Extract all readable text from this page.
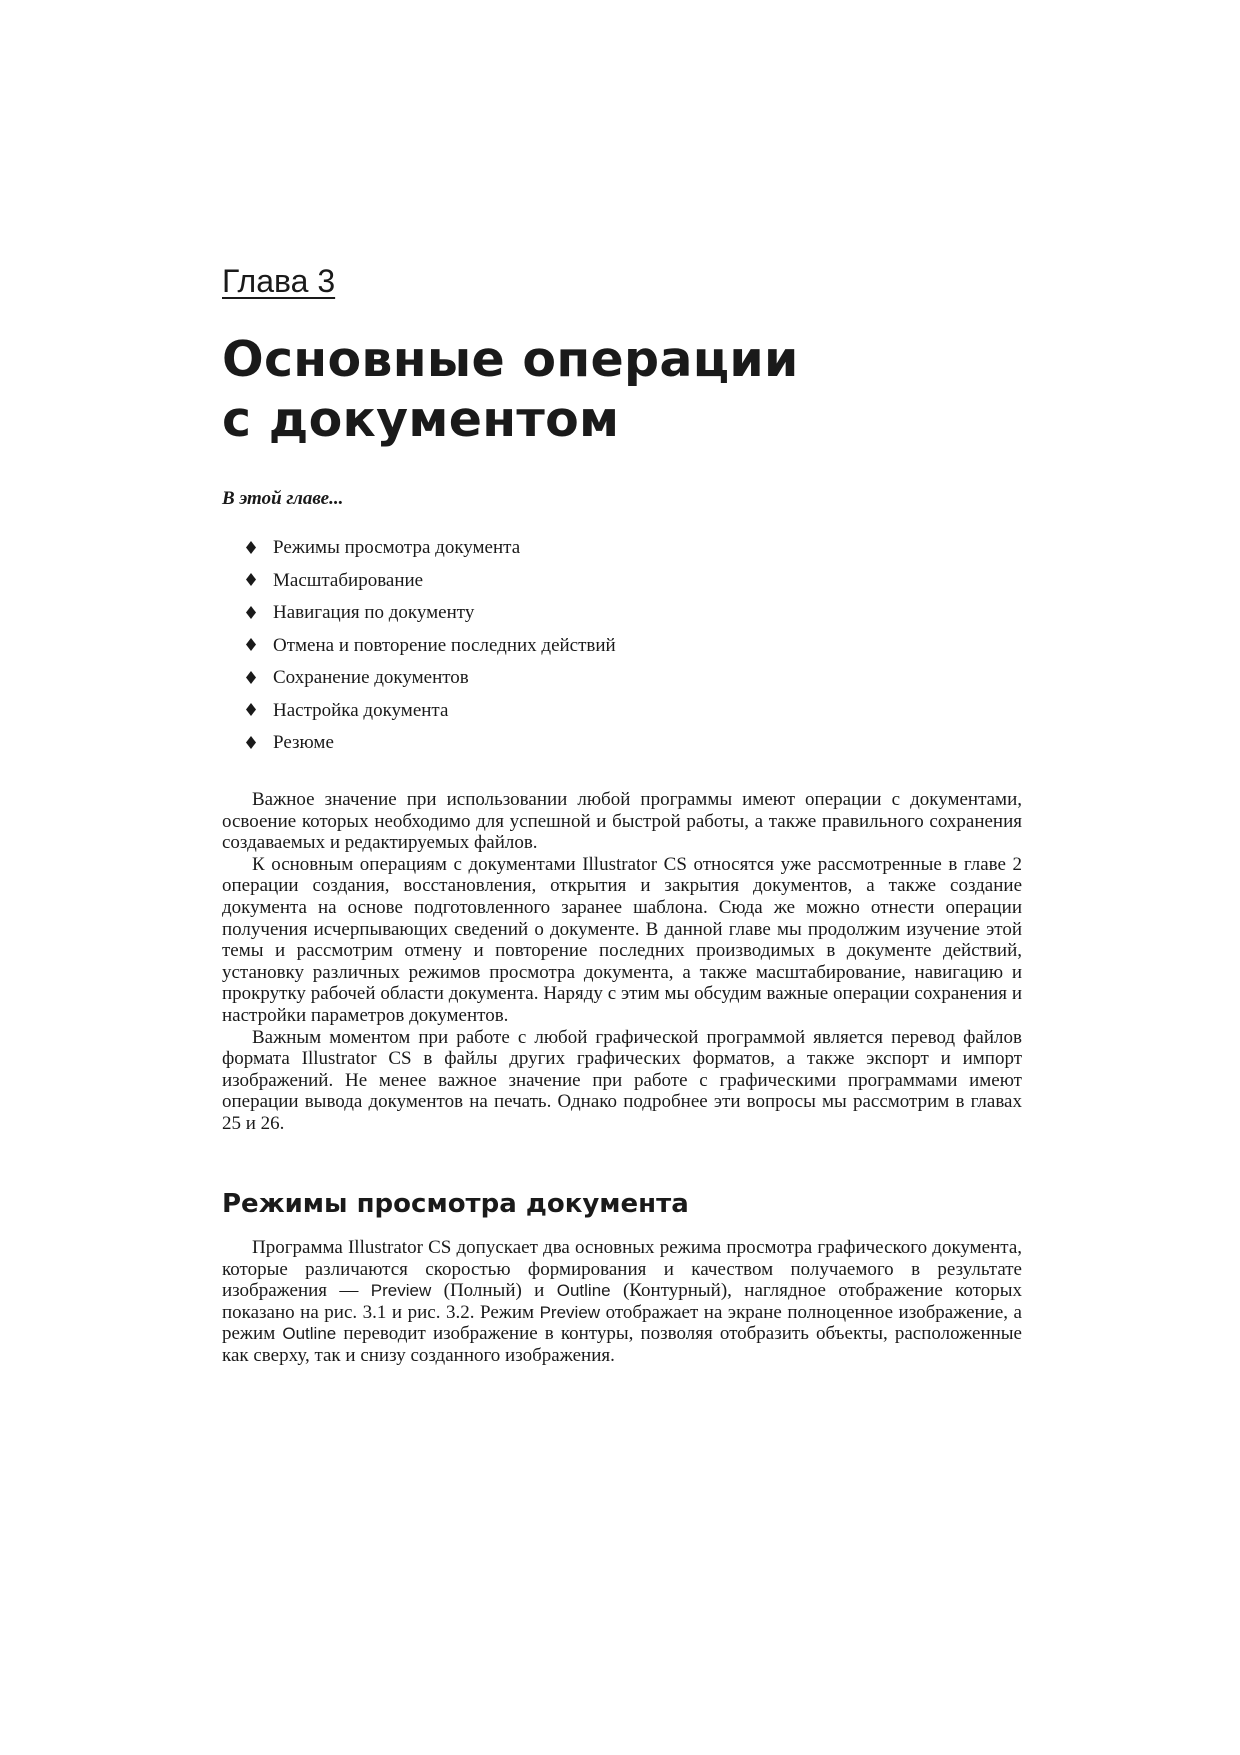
Глава 3
Основные операции
с документом
В этой главе...
Режимы просмотра документа
Масштабирование
Навигация по документу
Отмена и повторение последних действий
Сохранение документов
Настройка документа
Резюме

Важное значение при использовании любой программы имеют операции с документами, освоение которых необходимо для успешной и быстрой работы, а также правильного сохранения создаваемых и редактируемых файлов.

К основным операциям с документами Illustrator CS относятся уже рассмотренные в главе 2 операции создания, восстановления, открытия и закрытия документов, а также создание документа на основе подготовленного заранее шаблона. Сюда же можно отнести операции получения исчерпывающих сведений о документе. В данной главе мы продолжим изучение этой темы и рассмотрим отмену и повторение последних производимых в документе действий, установку различных режимов просмотра документа, а также масштабирование, навигацию и прокрутку рабочей области документа. Наряду с этим мы обсудим важные операции сохранения и настройки параметров документов.

Важным моментом при работе с любой графической программой является перевод файлов формата Illustrator CS в файлы других графических форматов, а также экспорт и импорт изображений. Не менее важное значение при работе с графическими программами имеют операции вывода документов на печать. Однако подробнее эти вопросы мы рассмотрим в главах 25 и 26.

Режимы просмотра документа

Программа Illustrator CS допускает два основных режима просмотра графического документа, которые различаются скоростью формирования и качеством получаемого в результате изображения — Preview (Полный) и Outline (Контурный), наглядное отображение которых показано на рис. 3.1 и рис. 3.2. Режим Preview отображает на экране полноценное изображение, а режим Outline переводит изображение в контуры, позволяя отобразить объекты, расположенные как сверху, так и снизу созданного изображения.
